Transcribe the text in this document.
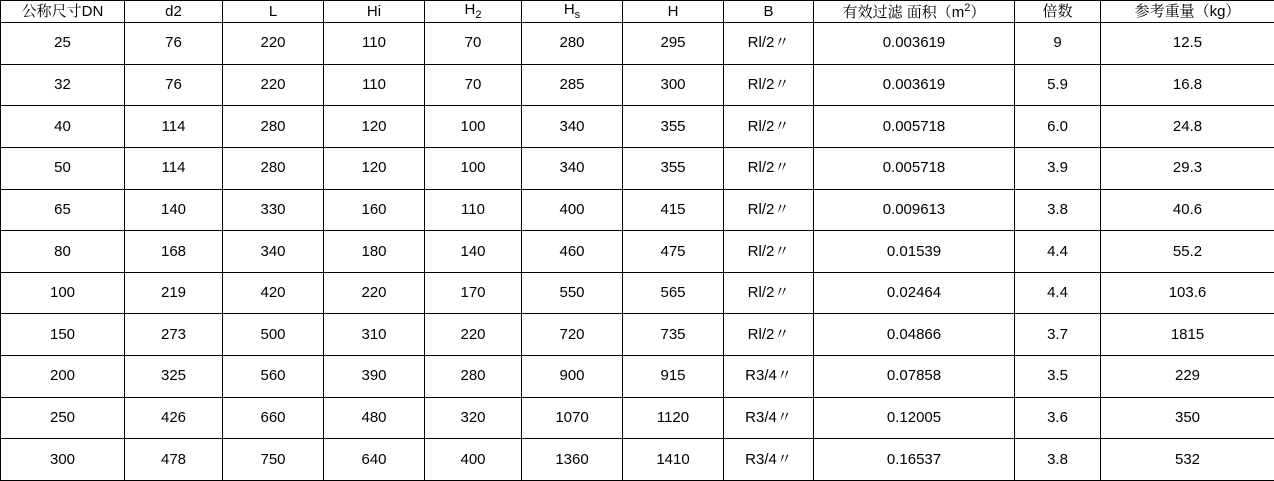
公称尺寸DN	d2	L	Hi	$H_2$	$H_s$	H	B	有效过滤 面积$(m^2)$	倍数	参考重量（kg）
25	76	220	110	70	280	295	Rl/2〃	0.003619	9	12.5
32	76	220	110	70	285	300	Rl/2〃	0.003619	5.9	16.8
40	114	280	120	100	340	355	Rl/2〃	0.005718	6.0	24.8
50	114	280	120	100	340	355	Rl/2〃	0.005718	3.9	29.3
65	140	330	160	110	400	415	Rl/2〃	0.009613	3.8	40.6
80	168	340	180	140	460	475	Rl/2〃	0.01539	4.4	55.2
100	219	420	220	170	550	565	Rl/2〃	0.02464	4.4	103.6
150	273	500	310	220	720	735	Rl/2〃	0.04866	3.7	1815
200	325	560	390	280	900	915	R3/4〃	0.07858	3.5	229
250	426	660	480	320	1070	1120	R3/4〃	0.12005	3.6	350
300	478	750	640	400	1360	1410	R3/4〃	0.16537	3.8	532
